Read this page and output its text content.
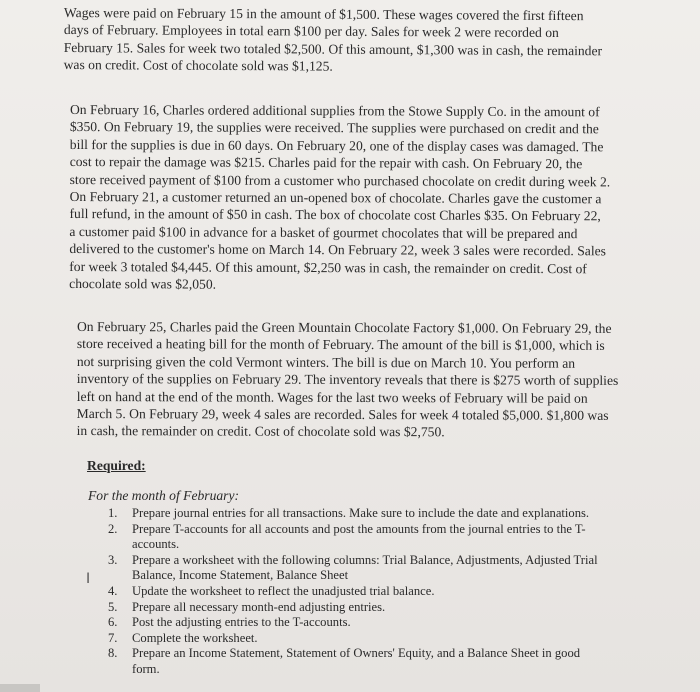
Wages were paid on February 15 in the amount of $1,500. These wages covered the first fifteen
days of February. Employees in total earn $100 per day. Sales for week 2 were recorded on
February 15. Sales for week two totaled $2,500. Of this amount, $1,300 was in cash, the remainder
was on credit. Cost of chocolate sold was $1,125.
On February 16, Charles ordered additional supplies from the Stowe Supply Co. in the amount of
$350. On February 19, the supplies were received. The supplies were purchased on credit and the
bill for the supplies is due in 60 days. On February 20, one of the display cases was damaged. The
cost to repair the damage was $215. Charles paid for the repair with cash. On February 20, the
store received payment of $100 from a customer who purchased chocolate on credit during week 2.
On February 21, a customer returned an un-opened box of chocolate. Charles gave the customer a
full refund, in the amount of $50 in cash. The box of chocolate cost Charles $35. On February 22,
a customer paid $100 in advance for a basket of gourmet chocolates that will be prepared and
delivered to the customer's home on March 14. On February 22, week 3 sales were recorded. Sales
for week 3 totaled $4,445. Of this amount, $2,250 was in cash, the remainder on credit. Cost of
chocolate sold was $2,050.
On February 25, Charles paid the Green Mountain Chocolate Factory $1,000. On February 29, the
store received a heating bill for the month of February. The amount of the bill is $1,000, which is
not surprising given the cold Vermont winters. The bill is due on March 10. You perform an
inventory of the supplies on February 29. The inventory reveals that there is $275 worth of supplies
left on hand at the end of the month. Wages for the last two weeks of February will be paid on
March 5. On February 29, week 4 sales are recorded. Sales for week 4 totaled $5,000. $1,800 was
in cash, the remainder on credit. Cost of chocolate sold was $2,750.
Required:
For the month of February:
1.	Prepare journal entries for all transactions. Make sure to include the date and explanations.
2.	Prepare T-accounts for all accounts and post the amounts from the journal entries to the T-
accounts.
3.	Prepare a worksheet with the following columns: Trial Balance, Adjustments, Adjusted Trial
Balance, Income Statement, Balance Sheet
4.	Update the worksheet to reflect the unadjusted trial balance.
5.	Prepare all necessary month-end adjusting entries.
6.	Post the adjusting entries to the T-accounts.
7.	Complete the worksheet.
8.	Prepare an Income Statement, Statement of Owners' Equity, and a Balance Sheet in good
form.
I
